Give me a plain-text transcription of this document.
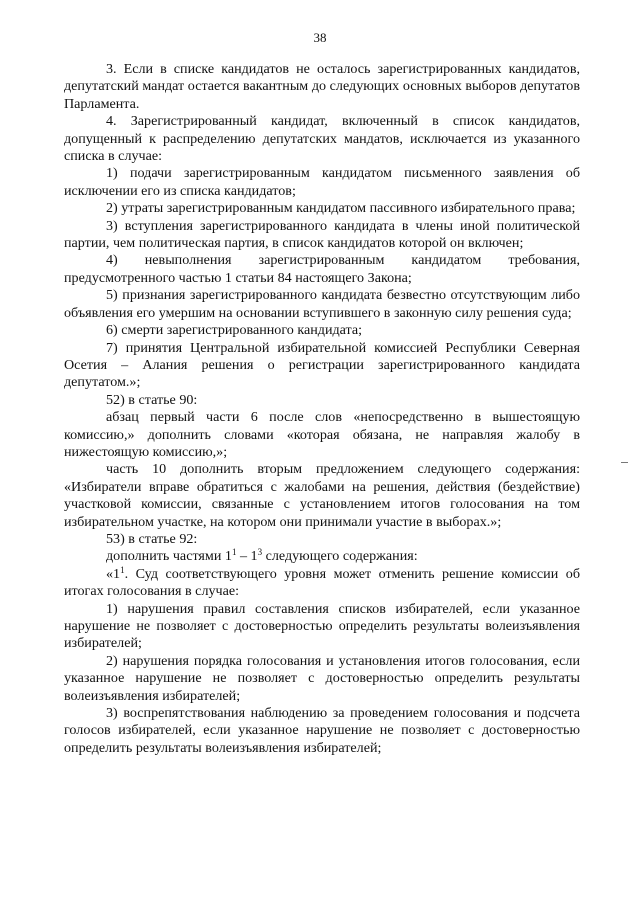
38

3. Если в списке кандидатов не осталось зарегистрированных кандидатов, депутатский мандат остается вакантным до следующих основных выборов депутатов Парламента.

4. Зарегистрированный кандидат, включенный в список кандидатов, допущенный к распределению депутатских мандатов, исключается из указанного списка в случае:

1) подачи зарегистрированным кандидатом письменного заявления об исключении его из списка кандидатов;

2) утраты зарегистрированным кандидатом пассивного избирательного права;

3) вступления зарегистрированного кандидата в члены иной политической партии, чем политическая партия, в список кандидатов которой он включен;

4) невыполнения зарегистрированным кандидатом требования, предусмотренного частью 1 статьи 84 настоящего Закона;

5) признания зарегистрированного кандидата безвестно отсутствующим либо объявления его умершим на основании вступившего в законную силу решения суда;

6) смерти зарегистрированного кандидата;

7) принятия Центральной избирательной комиссией Республики Северная Осетия – Алания решения о регистрации зарегистрированного кандидата депутатом.»;

52) в статье 90:

абзац первый части 6 после слов «непосредственно в вышестоящую комиссию,» дополнить словами «которая обязана, не направляя жалобу в нижестоящую комиссию,»;

часть 10 дополнить вторым предложением следующего содержания: «Избиратели вправе обратиться с жалобами на решения, действия (бездействие) участковой комиссии, связанные с установлением итогов голосования на том избирательном участке, на котором они принимали участие в выборах.»;

53) в статье 92:

дополнить частями $1^1 - 1^3$ следующего содержания:

«$1^1$. Суд соответствующего уровня может отменить решение комиссии об итогах голосования в случае:

1) нарушения правил составления списков избирателей, если указанное нарушение не позволяет с достоверностью определить результаты волеизъявления избирателей;

2) нарушения порядка голосования и установления итогов голосования, если указанное нарушение не позволяет с достоверностью определить результаты волеизъявления избирателей;

3) воспрепятствования наблюдению за проведением голосования и подсчета голосов избирателей, если указанное нарушение не позволяет с достоверностью определить результаты волеизъявления избирателей;
